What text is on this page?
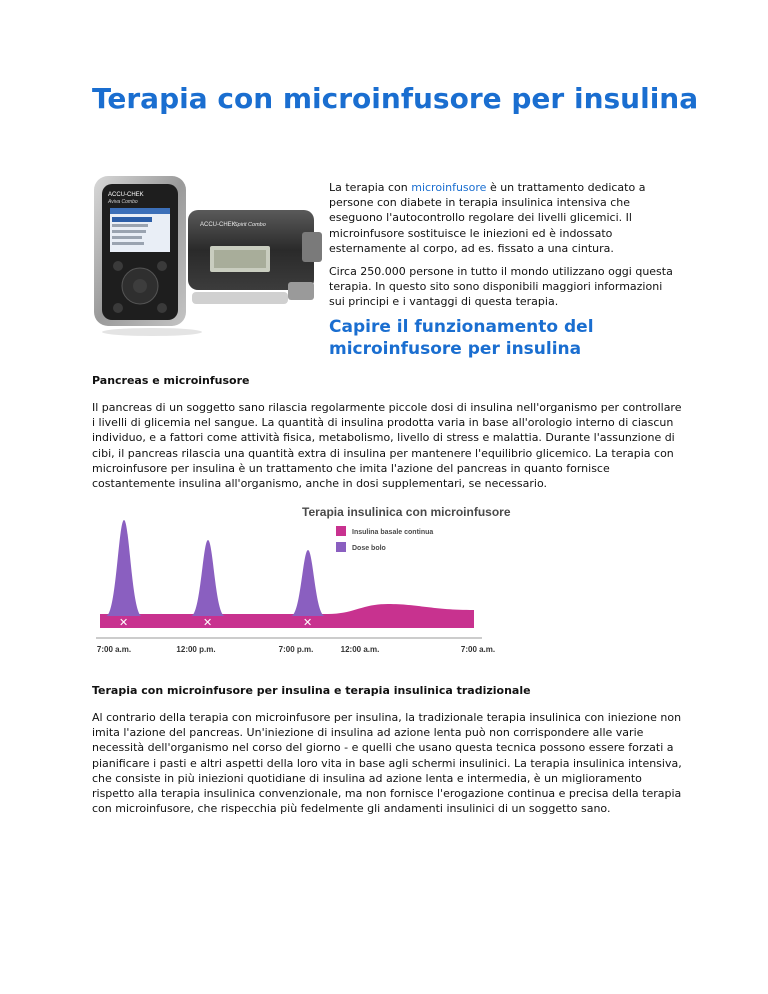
Terapia con microinfusore per insulina
ACCU-CHEK
Spirit Combo
ACCU-CHEK
Aviva Combo

La terapia con microinfusore è un trattamento dedicato a persone con diabete in terapia insulinica intensiva che eseguono l'autocontrollo regolare dei livelli glicemici. Il microinfusore sostituisce le iniezioni ed è indossato esternamente al corpo, ad es. fissato a una cintura.

Circa 250.000 persone in tutto il mondo utilizzano oggi questa terapia. In questo sito sono disponibili maggiori informazioni sui principi e i vantaggi di questa terapia.

Capire il funzionamento del microinfusore per insulina

Pancreas e microinfusore

Il pancreas di un soggetto sano rilascia regolarmente piccole dosi di insulina nell'organismo per controllare i livelli di glicemia nel sangue. La quantità di insulina prodotta varia in base all'orologio interno di ciascun individuo, e a fattori come attività fisica, metabolismo, livello di stress e malattia. Durante l'assunzione di cibi, il pancreas rilascia una quantità extra di insulina per mantenere l'equilibrio glicemico. La terapia con microinfusore per insulina è un trattamento che imita l'azione del pancreas in quanto fornisce costantemente insulina all'organismo, anche in dosi supplementari, se necessario.

Terapia insulinica con microinfusore
Insulina basale continua
Dose bolo
✕	✕	✕
7:00 a.m.	12:00 p.m.	7:00 p.m.	12:00 a.m.	7:00 a.m.

Terapia con microinfusore per insulina e terapia insulinica tradizionale

Al contrario della terapia con microinfusore per insulina, la tradizionale terapia insulinica con iniezione non imita l'azione del pancreas. Un'iniezione di insulina ad azione lenta può non corrispondere alle varie necessità dell'organismo nel corso del giorno - e quelli che usano questa tecnica possono essere forzati a pianificare i pasti e altri aspetti della loro vita in base agli schermi insulinici. La terapia insulinica intensiva, che consiste in più iniezioni quotidiane di insulina ad azione lenta e intermedia, è un miglioramento rispetto alla terapia insulinica convenzionale, ma non fornisce l'erogazione continua e precisa della terapia con microinfusore, che rispecchia più fedelmente gli andamenti insulinici di un soggetto sano.
